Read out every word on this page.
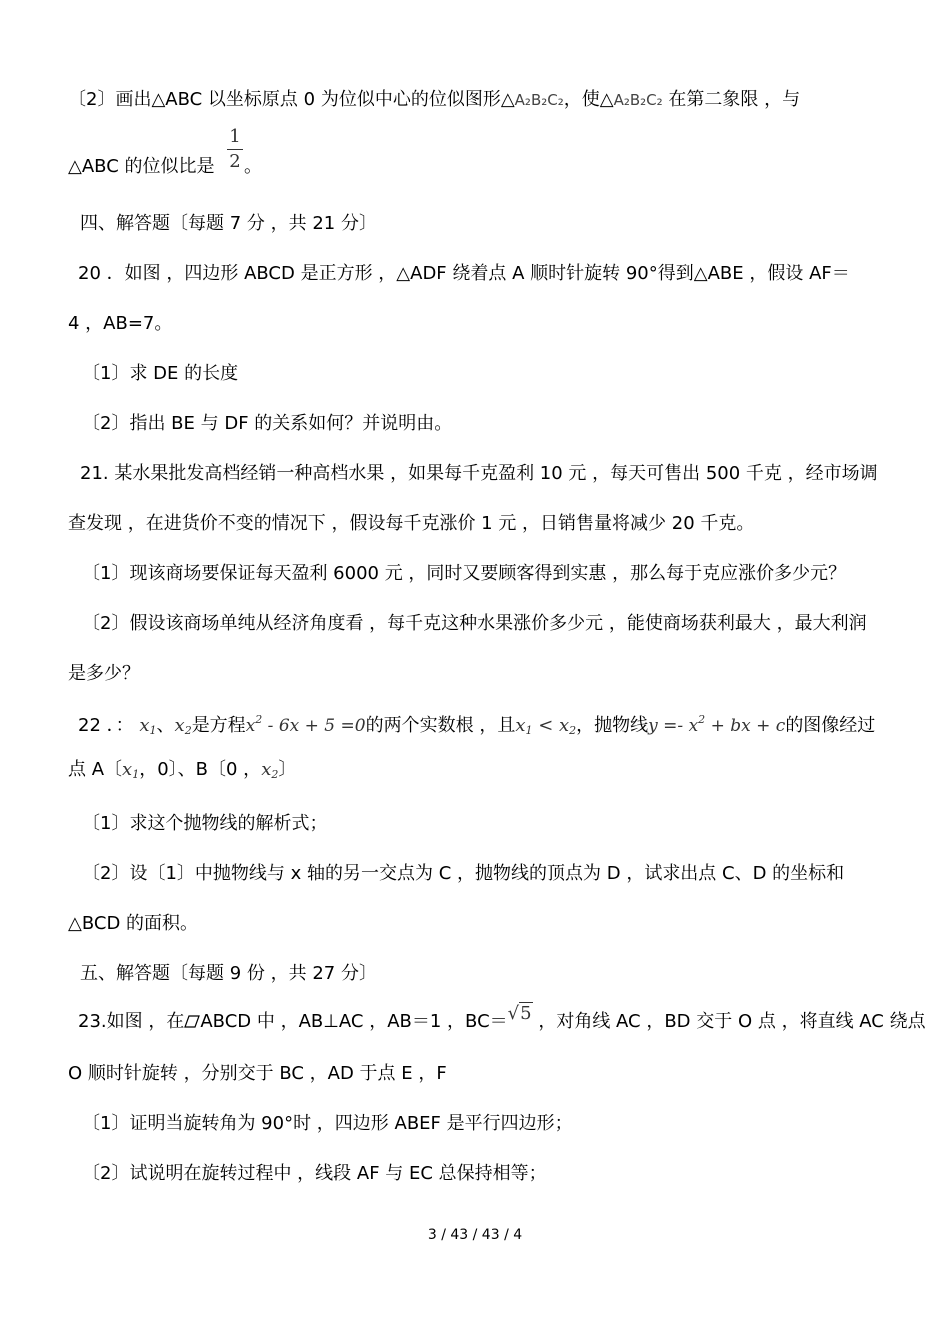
〔2〕画出△ABC 以坐标原点 0 为位似中心的位似图形△A₂B₂C₂，使△A₂B₂C₂ 在第二象限 ，与
△ABC 的位似比是
1
2 。
四、解答题〔每题 7 分 ，共 21 分〕
20 ．如图 ，四边形 ABCD 是正方形 ，△ADF 绕着点 A 顺时针旋转 90°得到△ABE ，假设 AF＝
4 ，AB=7。
〔1〕求 DE 的长度
〔2〕指出 BE 与 DF 的关系如何？并说明由。
21. 某水果批发高档经销一种高档水果 ，如果每千克盈利 10 元 ，每天可售出 500 千克 ，经市场调
查发现 ，在进货价不变的情况下 ，假设每千克涨价 1 元 ，日销售量将减少 20 千克。
〔1〕现该商场要保证每天盈利 6000 元 ，同时又要顾客得到实惠 ，那么每于克应涨价多少元？
〔2〕假设该商场单纯从经济角度看 ，每千克这种水果涨价多少元 ，能使商场获利最大 ，最大利润
是多少？
22 ．： $x_1$、$x_2$是方程$x^2 - 6x + 5 =0$的两个实数根 ，且$x_1 < x_2$，抛物线$y =- x^2$ + bx + c的图像经过
点 A〔$x_1$，0〕、B〔0 ，$x_2$〕
〔1〕求这个抛物线的解析式；
〔2〕设〔1〕中抛物线与 x 轴的另一交点为 C ，抛物线的顶点为 D ，试求出点 C、D 的坐标和
△BCD 的面积。
五、解答题〔每题 9 份 ，共 27 分〕
23.如图 ，在 ABCD 中 ，AB⊥AC ，AB＝1 ，BC＝√5 ，对角线 AC ，BD 交于 O 点 ，将直线 AC 绕点
O 顺时针旋转 ，分别交于 BC ，AD 于点 E ，F
〔1〕证明当旋转角为 90°时 ，四边形 ABEF 是平行四边形；
〔2〕试说明在旋转过程中 ，线段 AF 与 EC 总保持相等；
3 / 43 / 43 / 4
